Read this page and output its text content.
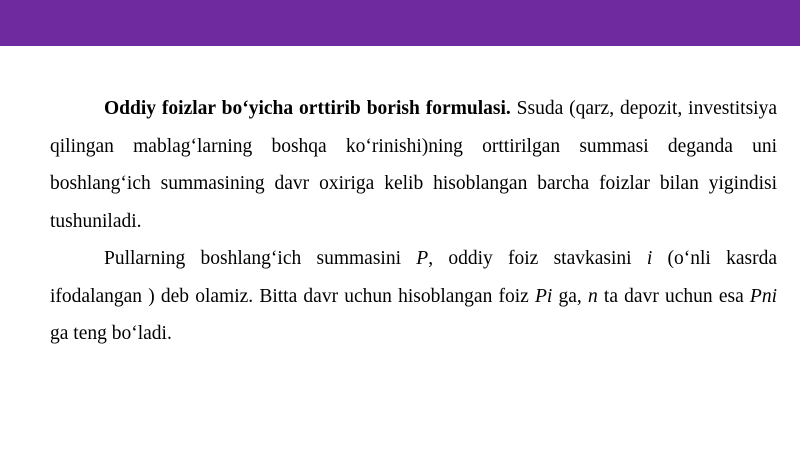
Oddiy foizlar bo‘yicha orttirib borish formulasi. Ssuda (qarz, depozit, investitsiya qilingan mablag‘larning boshqa ko‘rinishi)ning orttirilgan summasi deganda uni boshlang‘ich summasining davr oxiriga kelib hisoblangan barcha foizlar bilan yigindisi tushuniladi.

Pullarning boshlang‘ich summasini P, oddiy foiz stavkasini i (o‘nli kasrda ifodalangan ) deb olamiz. Bitta davr uchun hisoblangan foiz Pi ga, n ta davr uchun esa Pni ga teng bo‘ladi.
